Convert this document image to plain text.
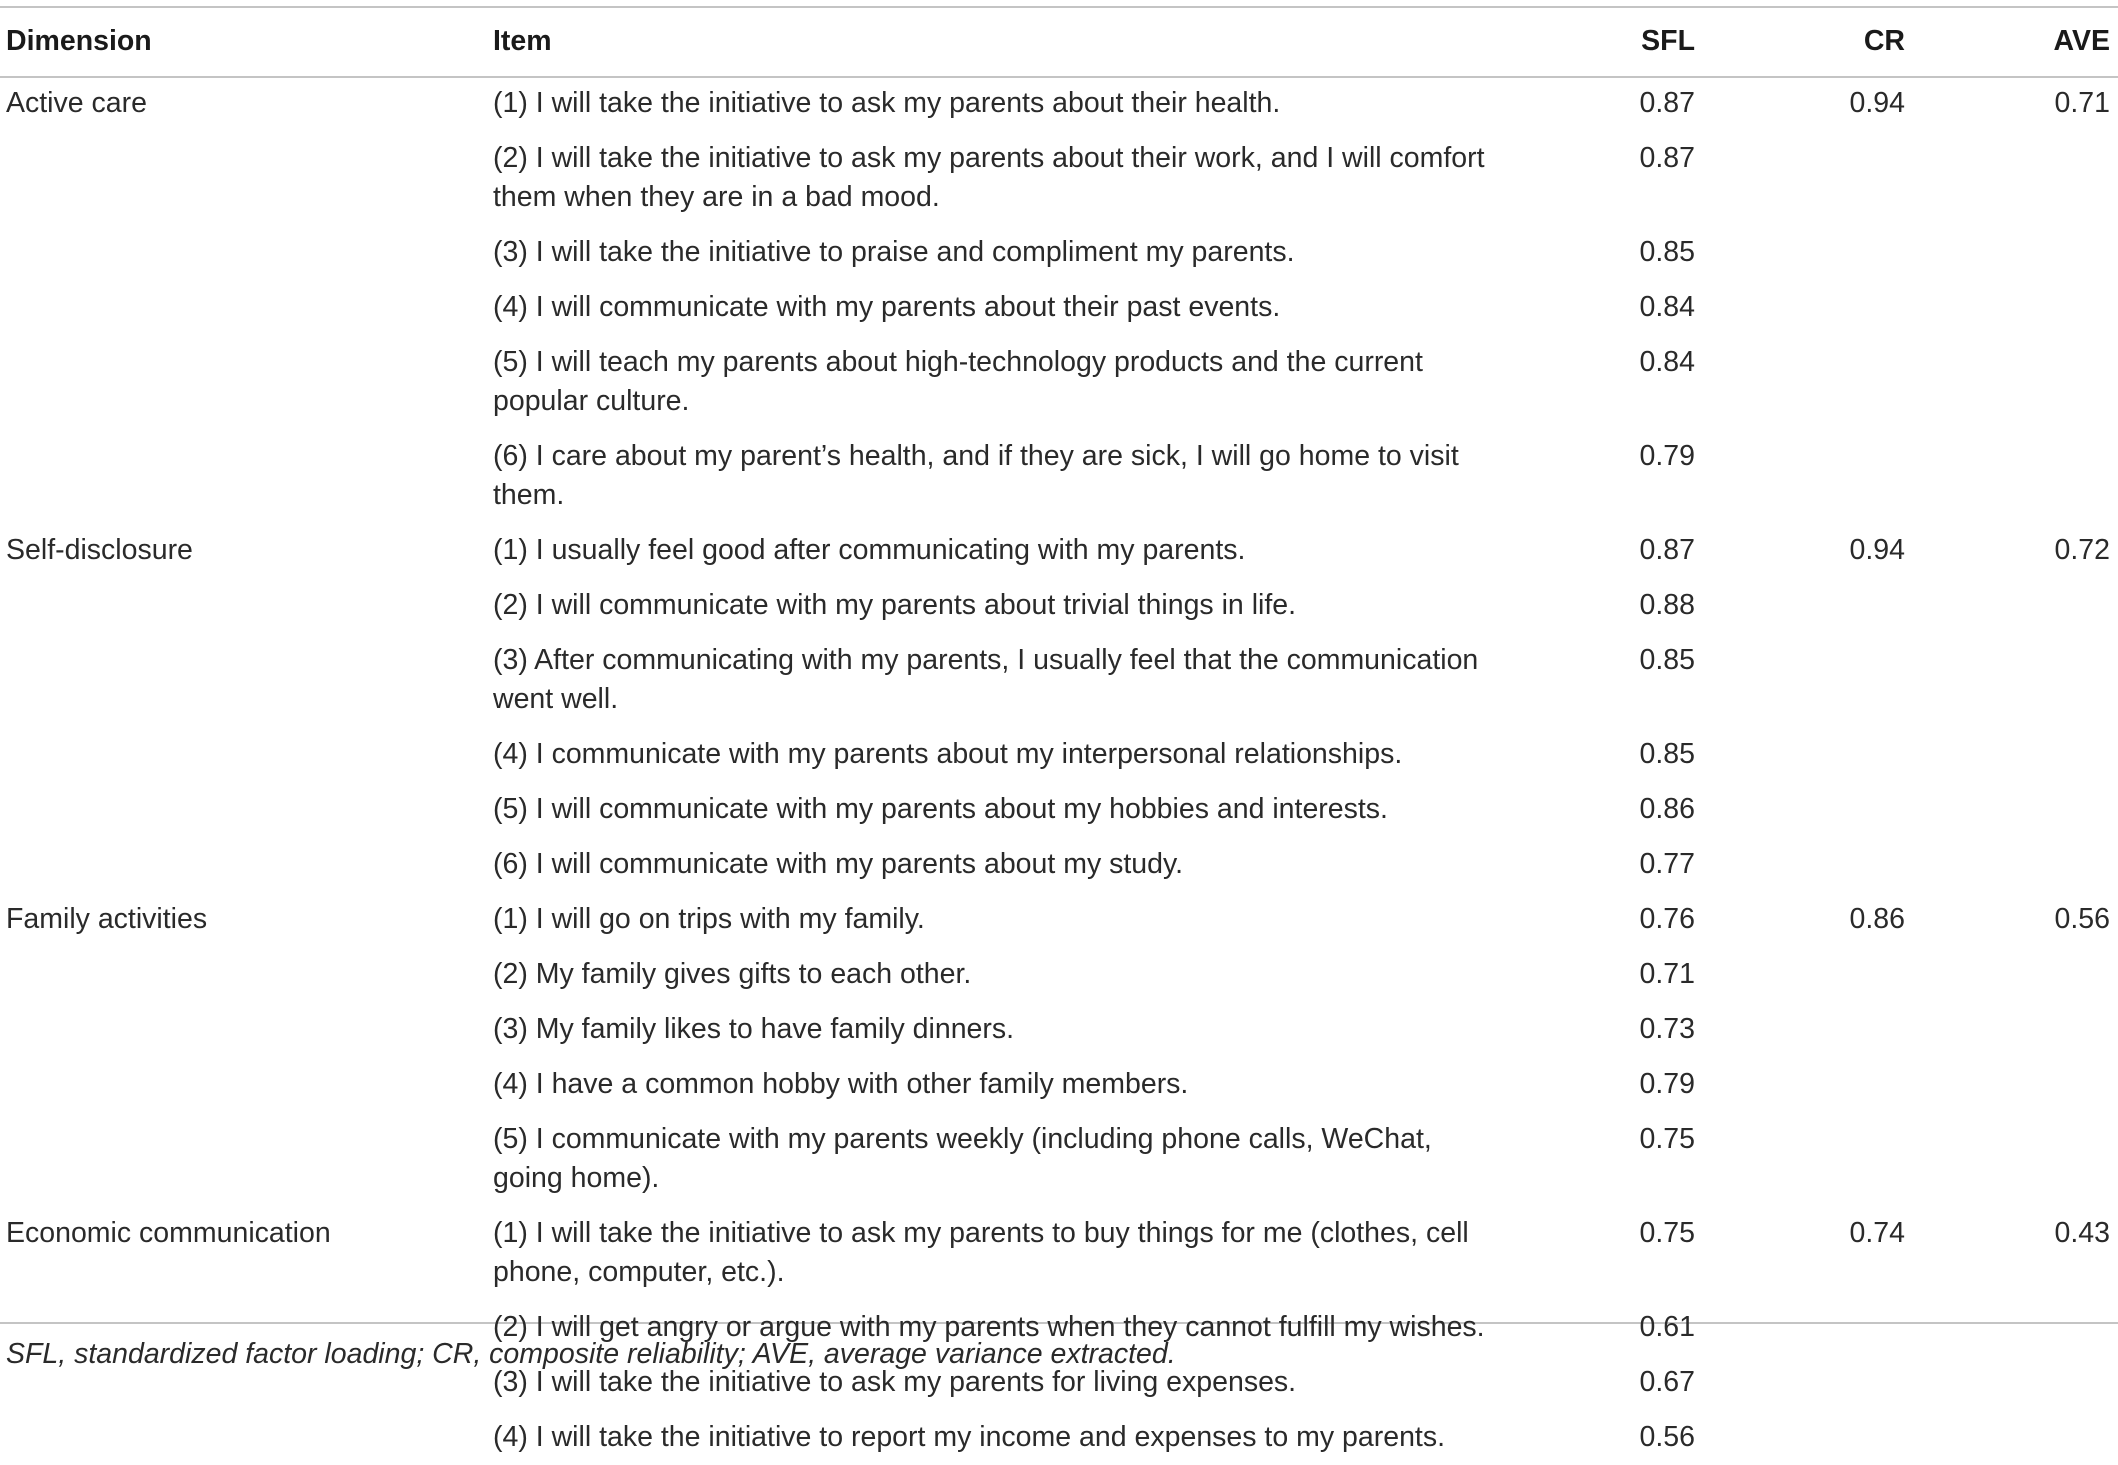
Dimension	Item	SFL	CR	AVE
Active care	(1) I will take the initiative to ask my parents about their health.	0.87	0.94	0.71

	(2) I will take the initiative to ask my parents about their work, and I will comfort them when they are in a bad mood.	0.87		

	(3) I will take the initiative to praise and compliment my parents.	0.85		

	(4) I will communicate with my parents about their past events.	0.84		

	(5) I will teach my parents about high-technology products and the current popular culture.	0.84		

	(6) I care about my parent’s health, and if they are sick, I will go home to visit them.	0.79		
Self-disclosure	(1) I usually feel good after communicating with my parents.	0.87	0.94	0.72

	(2) I will communicate with my parents about trivial things in life.	0.88		

	(3) After communicating with my parents, I usually feel that the communication went well.	0.85		

	(4) I communicate with my parents about my interpersonal relationships.	0.85		

	(5) I will communicate with my parents about my hobbies and interests.	0.86		

	(6) I will communicate with my parents about my study.	0.77		
Family activities	(1) I will go on trips with my family.	0.76	0.86	0.56

	(2) My family gives gifts to each other.	0.71		

	(3) My family likes to have family dinners.	0.73		

	(4) I have a common hobby with other family members.	0.79		

	(5) I communicate with my parents weekly (including phone calls, WeChat, going home).	0.75		
Economic communication	(1) I will take the initiative to ask my parents to buy things for me (clothes, cell phone, computer, etc.).	0.75	0.74	0.43

	(2) I will get angry or argue with my parents when they cannot fulfill my wishes.	0.61		

	(3) I will take the initiative to ask my parents for living expenses.	0.67		

	(4) I will take the initiative to report my income and expenses to my parents.	0.56		
SFL, standardized factor loading; CR, composite reliability; AVE, average variance extracted.
